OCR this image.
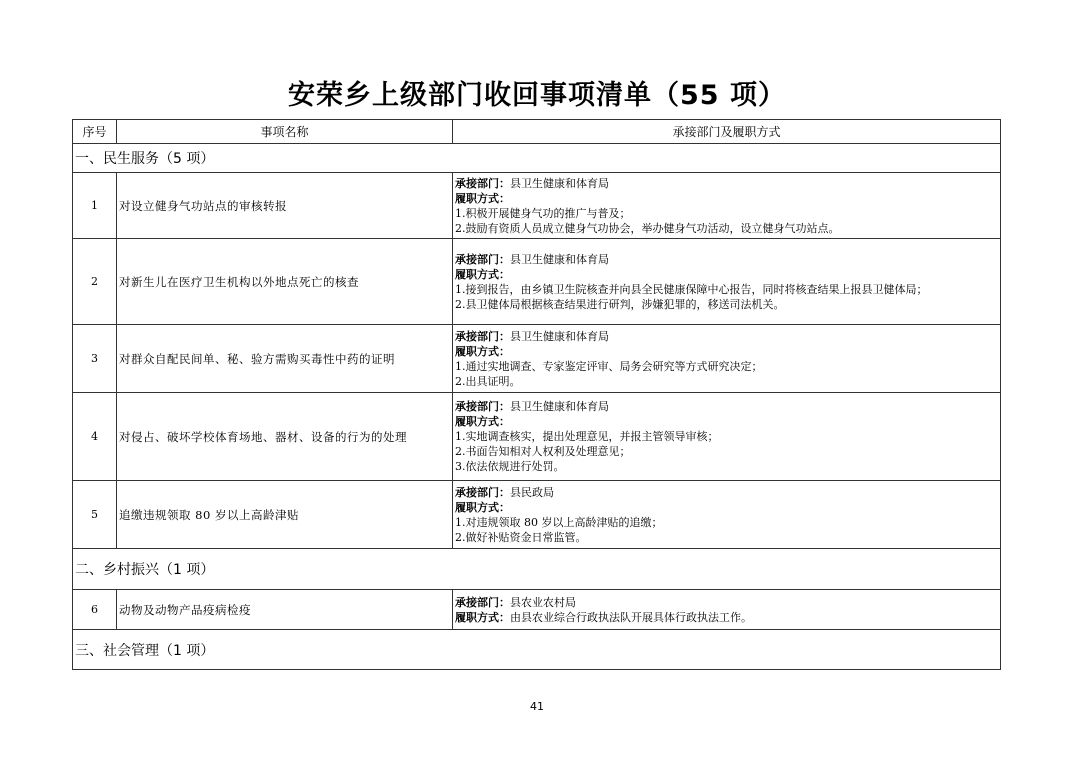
安荣乡上级部门收回事项清单（55 项）
序号	事项名称	承接部门及履职方式
一、民生服务（5 项）		
1	对设立健身气功站点的审核转报	承接部门：县卫生健康和体育局
履职方式：
1.积极开展健身气功的推广与普及；
2.鼓励有资质人员成立健身气功协会，举办健身气功活动，设立健身气功站点。

2	对新生儿在医疗卫生机构以外地点死亡的核查	承接部门：县卫生健康和体育局
履职方式：
1.接到报告，由乡镇卫生院核查并向县全民健康保障中心报告，同时将核查结果上报县卫健体局；
2.县卫健体局根据核查结果进行研判，涉嫌犯罪的，移送司法机关。

3	对群众自配民间单、秘、验方需购买毒性中药的证明	承接部门：县卫生健康和体育局
履职方式：
1.通过实地调查、专家鉴定评审、局务会研究等方式研究决定；
2.出具证明。

4	对侵占、破坏学校体育场地、器材、设备的行为的处理	承接部门：县卫生健康和体育局
履职方式：
1.实地调查核实，提出处理意见，并报主管领导审核；
2.书面告知相对人权利及处理意见；
3.依法依规进行处罚。

5	追缴违规领取 80 岁以上高龄津贴	承接部门：县民政局
履职方式：
1.对违规领取 80 岁以上高龄津贴的追缴；
2.做好补贴资金日常监管。

二、乡村振兴（1 项）		
6	动物及动物产品疫病检疫	承接部门：县农业农村局
履职方式：由县农业综合行政执法队开展具体行政执法工作。

三、社会管理（1 项）		
41
